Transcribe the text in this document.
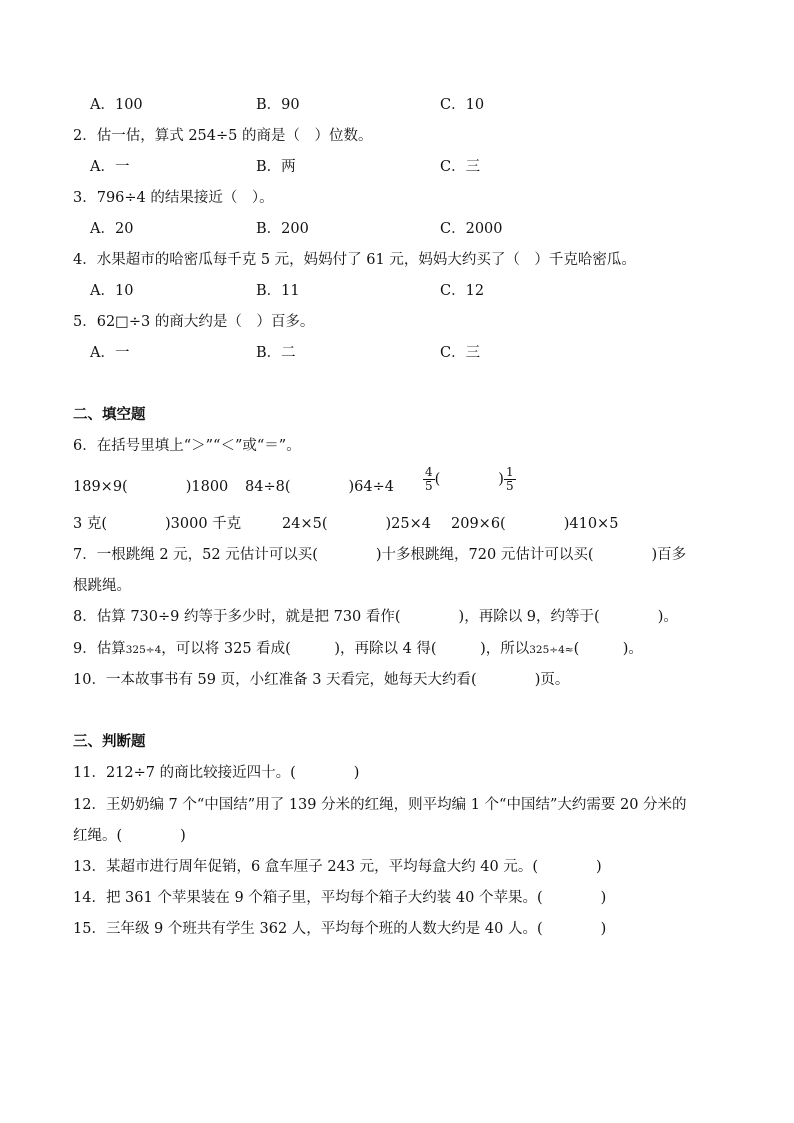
A．100	B．90	C．10
2．估一估，算式 254÷5 的商是（　）位数。
A．一	B．两	C．三
3．796÷4 的结果接近（　）。
A．20	B．200	C．2000
4．水果超市的哈密瓜每千克 5 元，妈妈付了 61 元，妈妈大约买了（　）千克哈密瓜。
A．10	B．11	C．12
5．62□÷3 的商大约是（　）百多。
A．一	B．二	C．三
二、填空题
6．在括号里填上“＞”“＜”或“＝”。
189×9(　　　　)1800 84÷8(　　　　)$64\div 4 \frac{4}{5}$ (　　　　) $\frac{1}{5}$
3 克(　　　　)3000 千克	24×5(　　　　)25×4 209×6(　　　　)410×5
7．一根跳绳 2 元，52 元估计可以买(　　　　)十多根跳绳，720 元估计可以买(　　　　)百多
根跳绳。
8．估算 730÷9 约等于多少时，就是把 730 看作(　　　　)，再除以 9，约等于(　　　　)。
9．估算325÷4，可以将 325 看成(　　　)，再除以 4 得(　　　)，所以325÷4≈(　　　)。
10．一本故事书有 59 页，小红准备 3 天看完，她每天大约看(　　　　)页。
三、判断题
11．212÷7 的商比较接近四十。(　　　　)
12．王奶奶编 7 个“中国结”用了 139 分米的红绳，则平均编 1 个“中国结”大约需要 20 分米的
红绳。(　　　　)
13．某超市进行周年促销，6 盒车厘子 243 元，平均每盒大约 40 元。(　　　　)
14．把 361 个苹果装在 9 个箱子里，平均每个箱子大约装 40 个苹果。(　　　　)
15．三年级 9 个班共有学生 362 人，平均每个班的人数大约是 40 人。(　　　　)
